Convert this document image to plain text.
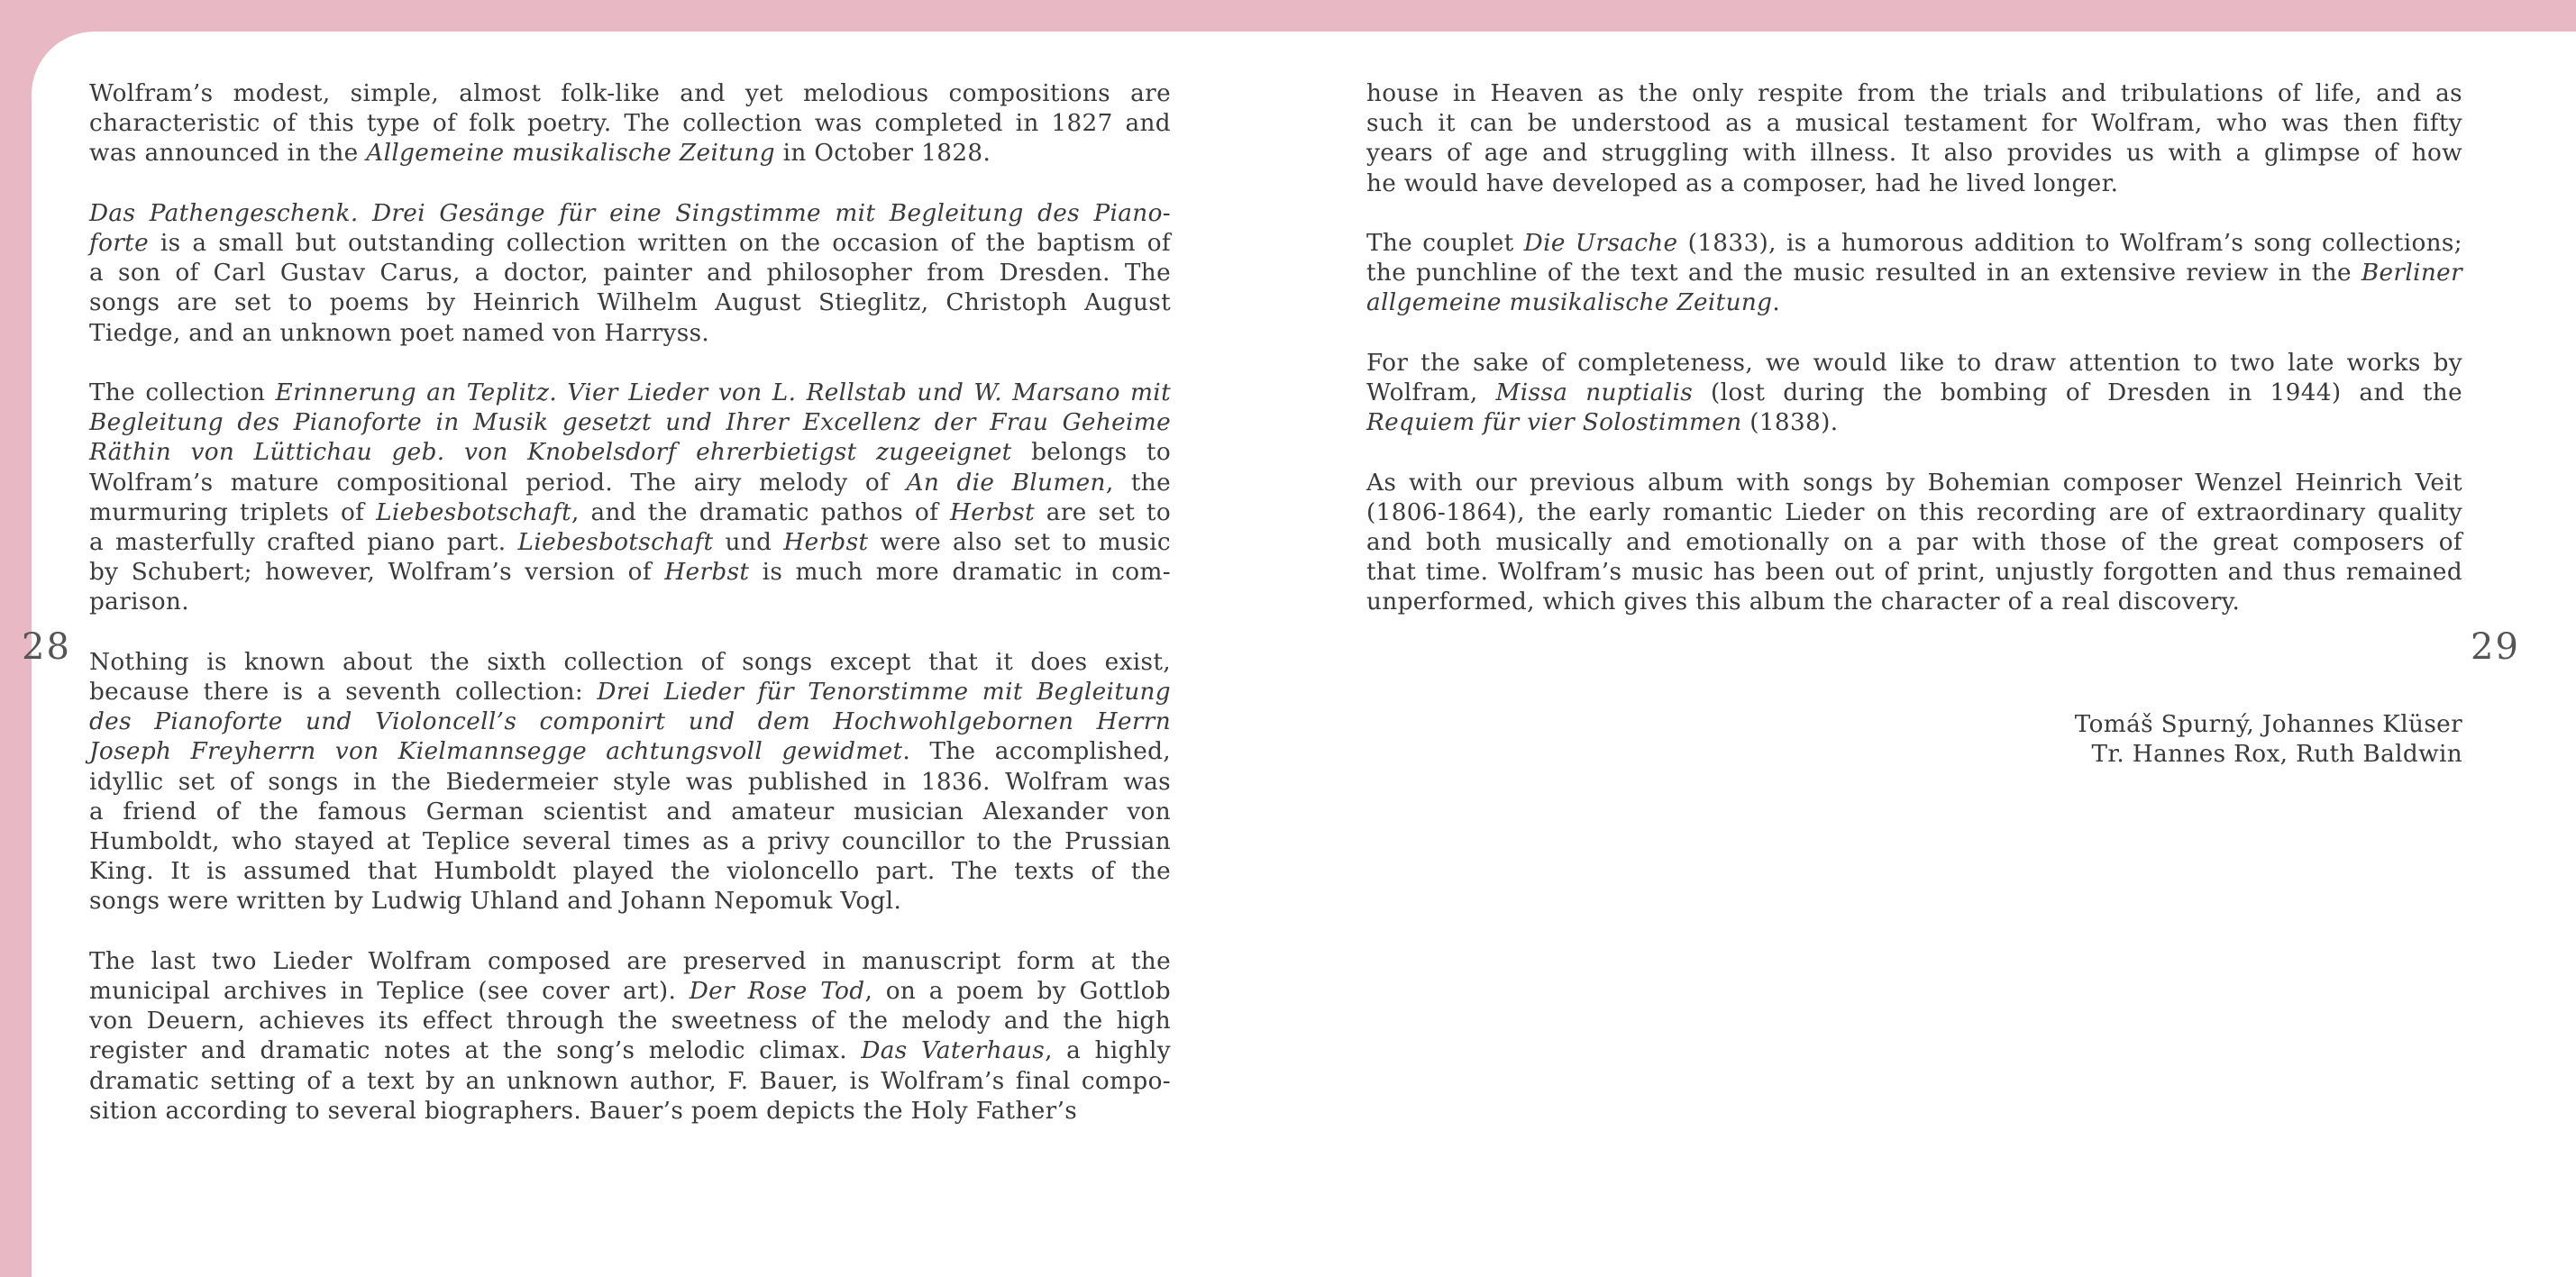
28	29

Wolfram’s modest, simple, almost folk-like and yet melodious compositions are
characteristic of this type of folk poetry. The collection was completed in 1827 and
was announced in the Allgemeine musikalische Zeitung in October 1828.

Das Pathengeschenk. Drei Gesänge für eine Singstimme mit Begleitung des Piano-
forte is a small but outstanding collection written on the occasion of the baptism of
a son of Carl Gustav Carus, a doctor, painter and philosopher from Dresden. The
songs are set to poems by Heinrich Wilhelm August Stieglitz, Christoph August
Tiedge, and an unknown poet named von Harryss.

The collection Erinnerung an Teplitz. Vier Lieder von L. Rellstab und W. Marsano mit
Begleitung des Pianoforte in Musik gesetzt und Ihrer Excellenz der Frau Geheime
Räthin von Lüttichau geb. von Knobelsdorf ehrerbietigst zugeeignet belongs to
Wolfram’s mature compositional period. The airy melody of An die Blumen, the
murmuring triplets of Liebesbotschaft, and the dramatic pathos of Herbst are set to
a masterfully crafted piano part. Liebesbotschaft und Herbst were also set to music
by Schubert; however, Wolfram’s version of Herbst is much more dramatic in com-
parison.

Nothing is known about the sixth collection of songs except that it does exist,
because there is a seventh collection: Drei Lieder für Tenorstimme mit Begleitung
des Pianoforte und Violoncell’s componirt und dem Hochwohlgebornen Herrn
Joseph Freyherrn von Kielmannsegge achtungsvoll gewidmet. The accomplished,
idyllic set of songs in the Biedermeier style was published in 1836. Wolfram was
a friend of the famous German scientist and amateur musician Alexander von
Humboldt, who stayed at Teplice several times as a privy councillor to the Prussian
King. It is assumed that Humboldt played the violoncello part. The texts of the
songs were written by Ludwig Uhland and Johann Nepomuk Vogl.

The last two Lieder Wolfram composed are preserved in manuscript form at the
municipal archives in Teplice (see cover art). Der Rose Tod, on a poem by Gottlob
von Deuern, achieves its effect through the sweetness of the melody and the high
register and dramatic notes at the song’s melodic climax. Das Vaterhaus, a highly
dramatic setting of a text by an unknown author, F. Bauer, is Wolfram’s final compo-
sition according to several biographers. Bauer’s poem depicts the Holy Father’s

house in Heaven as the only respite from the trials and tribulations of life, and as
such it can be understood as a musical testament for Wolfram, who was then fifty
years of age and struggling with illness. It also provides us with a glimpse of how
he would have developed as a composer, had he lived longer.

The couplet Die Ursache (1833), is a humorous addition to Wolfram’s song collections;
the punchline of the text and the music resulted in an extensive review in the Berliner
allgemeine musikalische Zeitung.

For the sake of completeness, we would like to draw attention to two late works by
Wolfram, Missa nuptialis (lost during the bombing of Dresden in 1944) and the
Requiem für vier Solostimmen (1838).

As with our previous album with songs by Bohemian composer Wenzel Heinrich Veit
(1806-1864), the early romantic Lieder on this recording are of extraordinary quality
and both musically and emotionally on a par with those of the great composers of
that time. Wolfram’s music has been out of print, unjustly forgotten and thus remained
unperformed, which gives this album the character of a real discovery.

Tomáš Spurný, Johannes Klüser
Tr. Hannes Rox, Ruth Baldwin
